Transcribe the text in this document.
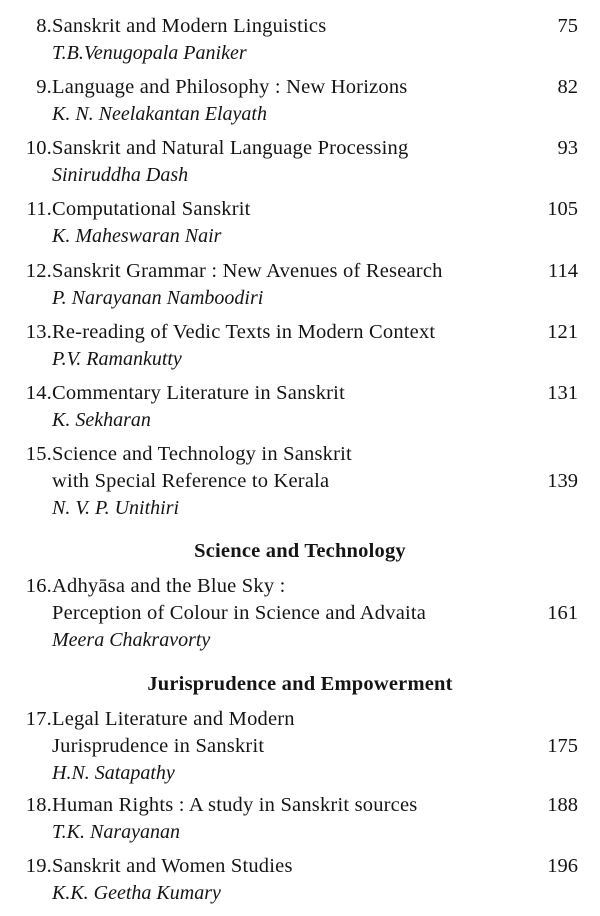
8. Sanskrit and Modern Linguistics	75
T.B.Venugopala Paniker
9. Language and Philosophy : New Horizons	82
K. N. Neelakantan Elayath
10. Sanskrit and Natural Language Processing	93
Siniruddha Dash
11. Computational Sanskrit	105
K. Maheswaran Nair
12. Sanskrit Grammar : New Avenues of Research	114
P. Narayanan Namboodiri
13. Re-reading of Vedic Texts in Modern Context	121
P.V. Ramankutty
14. Commentary Literature in Sanskrit	131
K. Sekharan
15. Science and Technology in Sanskrit
with Special Reference to Kerala	139
N. V. P. Unithiri
Science and Technology
16. Adhyāsa and the Blue Sky :
Perception of Colour in Science and Advaita	161
Meera Chakravorty
Jurisprudence and Empowerment
17. Legal Literature and Modern
Jurisprudence in Sanskrit	175
H.N. Satapathy
18. Human Rights : A study in Sanskrit sources	188
T.K. Narayanan
19. Sanskrit and Women Studies	196
K.K. Geetha Kumary
